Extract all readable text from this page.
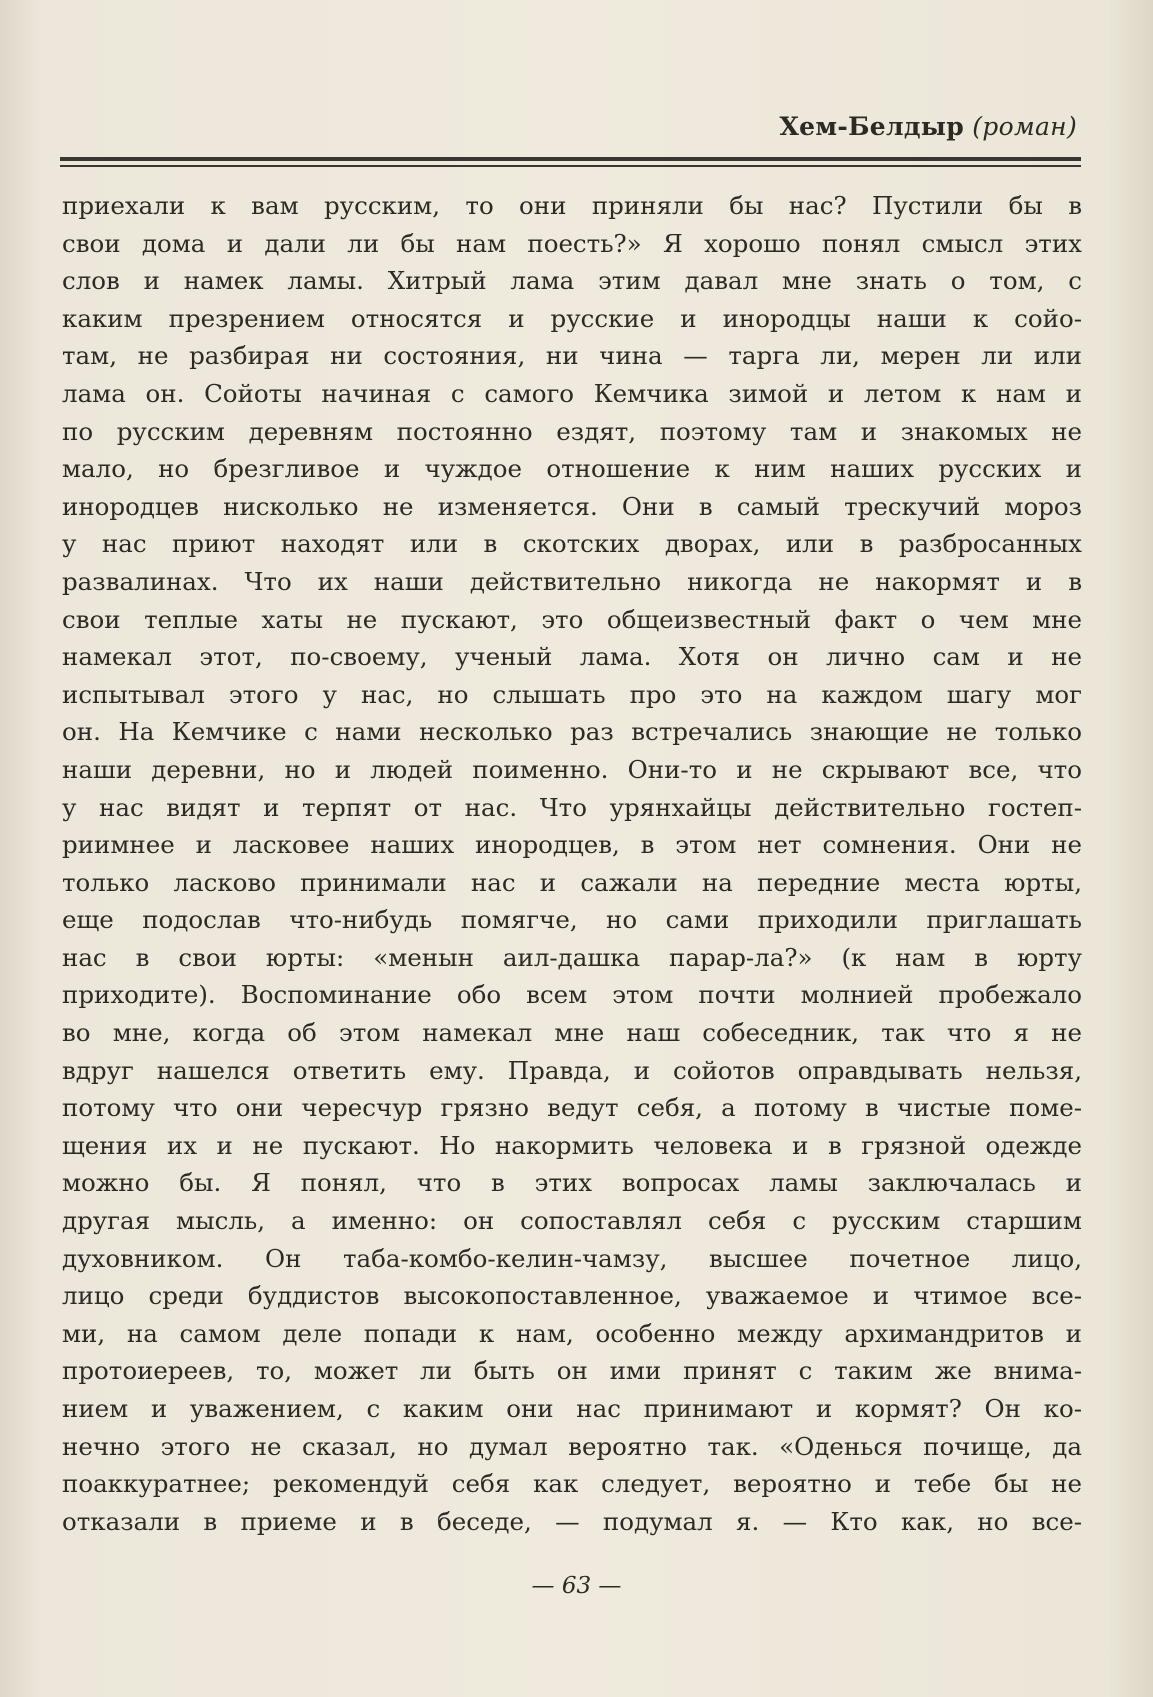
Хем-Белдыр (роман)
приехали к вам русским, то они приняли бы нас? Пустили бы в
свои дома и дали ли бы нам поесть?» Я хорошо понял смысл этих
слов и намек ламы. Хитрый лама этим давал мне знать о том, с
каким презрением относятся и русские и инородцы наши к сойо-
там, не разбирая ни состояния, ни чина — тарга ли, мерен ли или
лама он. Сойоты начиная с самого Кемчика зимой и летом к нам и
по русским деревням постоянно ездят, поэтому там и знакомых не
мало, но брезгливое и чуждое отношение к ним наших русских и
инородцев нисколько не изменяется. Они в самый трескучий мороз
у нас приют находят или в скотских дворах, или в разбросанных
развалинах. Что их наши действительно никогда не накормят и в
свои теплые хаты не пускают, это общеизвестный факт о чем мне
намекал этот, по-своему, ученый лама. Хотя он лично сам и не
испытывал этого у нас, но слышать про это на каждом шагу мог
он. На Кемчике с нами несколько раз встречались знающие не только
наши деревни, но и людей поименно. Они-то и не скрывают все, что
у нас видят и терпят от нас. Что урянхайцы действительно гостеп-
риимнее и ласковее наших инородцев, в этом нет сомнения. Они не
только ласково принимали нас и сажали на передние места юрты,
еще подослав что-нибудь помягче, но сами приходили приглашать
нас в свои юрты: «менын аил-дашка парар-ла?» (к нам в юрту
приходите). Воспоминание обо всем этом почти молнией пробежало
во мне, когда об этом намекал мне наш собеседник, так что я не
вдруг нашелся ответить ему. Правда, и сойотов оправдывать нельзя,
потому что они чересчур грязно ведут себя, а потому в чистые поме-
щения их и не пускают. Но накормить человека и в грязной одежде
можно бы. Я понял, что в этих вопросах ламы заключалась и
другая мысль, а именно: он сопоставлял себя с русским старшим
духовником. Он таба-комбо-келин-чамзу, высшее почетное лицо,
лицо среди буддистов высокопоставленное, уважаемое и чтимое все-
ми, на самом деле попади к нам, особенно между архимандритов и
протоиереев, то, может ли быть он ими принят с таким же внима-
нием и уважением, с каким они нас принимают и кормят? Он ко-
нечно этого не сказал, но думал вероятно так. «Оденься почище, да
поаккуратнее; рекомендуй себя как следует, вероятно и тебе бы не
отказали в приеме и в беседе, — подумал я. — Кто как, но все-
— 63 —
